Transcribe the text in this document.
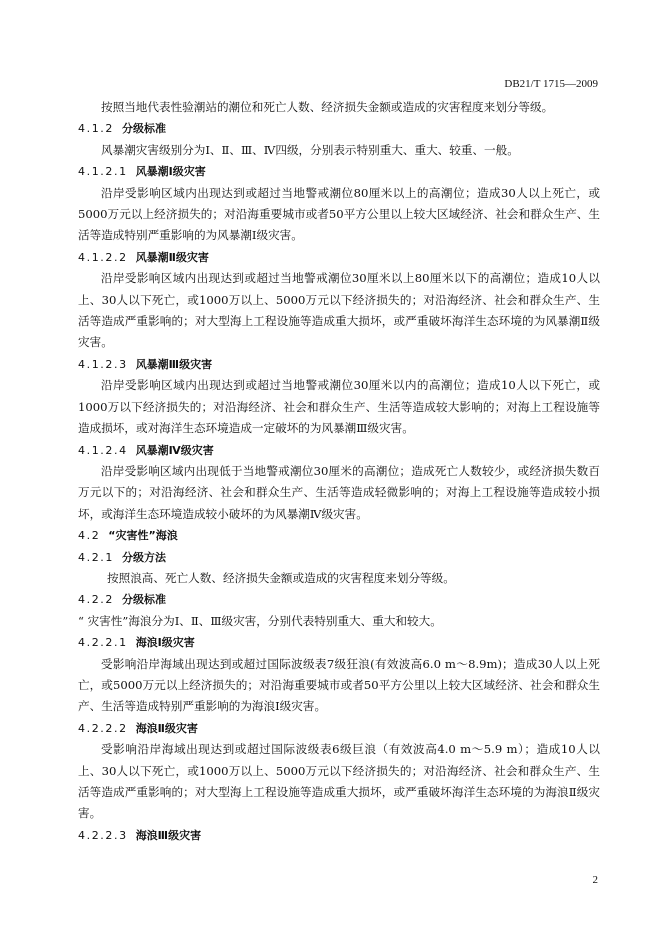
DB21/T 1715—2009

按照当地代表性验潮站的潮位和死亡人数、经济损失金额或造成的灾害程度来划分等级。

4.1.2 分级标准

风暴潮灾害级别分为Ⅰ、Ⅱ、Ⅲ、Ⅳ四级，分别表示特别重大、重大、较重、一般。

4.1.2.1 风暴潮Ⅰ级灾害

沿岸受影响区域内出现达到或超过当地警戒潮位80厘米以上的高潮位；造成30人以上死亡，或5000万元以上经济损失的；对沿海重要城市或者50平方公里以上较大区域经济、社会和群众生产、生 活等造成特别严重影响的为风暴潮Ⅰ级灾害。

4.1.2.2 风暴潮Ⅱ级灾害

沿岸受影响区域内出现达到或超过当地警戒潮位30厘米以上80厘米以下的高潮位；造成10人以上、30人以下死亡，或1000万以上、5000万元以下经济损失的；对沿海经济、社会和群众生产、生活等造成严重影响的；对大型海上工程设施等造成重大损坏，或严重破坏海洋生态环境的为风暴潮Ⅱ级灾害。

4.1.2.3 风暴潮Ⅲ级灾害

沿岸受影响区域内出现达到或超过当地警戒潮位30厘米以内的高潮位；造成10人以下死亡，或1000万以下经济损失的；对沿海经济、社会和群众生产、生活等造成较大影响的；对海上工程设施等 造成损坏，或对海洋生态环境造成一定破坏的为风暴潮Ⅲ级灾害。

4.1.2.4 风暴潮Ⅳ级灾害

沿岸受影响区域内出现低于当地警戒潮位30厘米的高潮位；造成死亡人数较少，或经济损失数百万元以下的；对沿海经济、社会和群众生产、生活等造成轻微影响的；对海上工程设施等造成较小损坏，或海洋生态环境造成较小破坏的为风暴潮Ⅳ级灾害。

4.2 “灾害性”海浪
4.2.1 分级方法

按照浪高、死亡人数、经济损失金额或造成的灾害程度来划分等级。

4.2.2 分级标准

“ 灾害性”海浪分为Ⅰ、Ⅱ、Ⅲ级灾害，分别代表特别重大、重大和较大。

4.2.2.1 海浪Ⅰ级灾害

受影响沿岸海域出现达到或超过国际波级表7级狂浪(有效波高6.0 m～8.9m)；造成30人以上死亡，或5000万元以上经济损失的；对沿海重要城市或者50平方公里以上较大区域经济、社会和群众生产、生活等造成特别严重影响的为海浪Ⅰ级灾害。

4.2.2.2 海浪Ⅱ级灾害

受影响沿岸海域出现达到或超过国际波级表6级巨浪（有效波高4.0 m～5.9 m）；造成10人以上、30人以下死亡，或1000万以上、5000万元以下经济损失的；对沿海经济、社会和群众生产、生活等造成严重影响的；对大型海上工程设施等造成重大损坏，或严重破坏海洋生态环境的为海浪Ⅱ级灾害。

4.2.2.3 海浪Ⅲ级灾害
2
